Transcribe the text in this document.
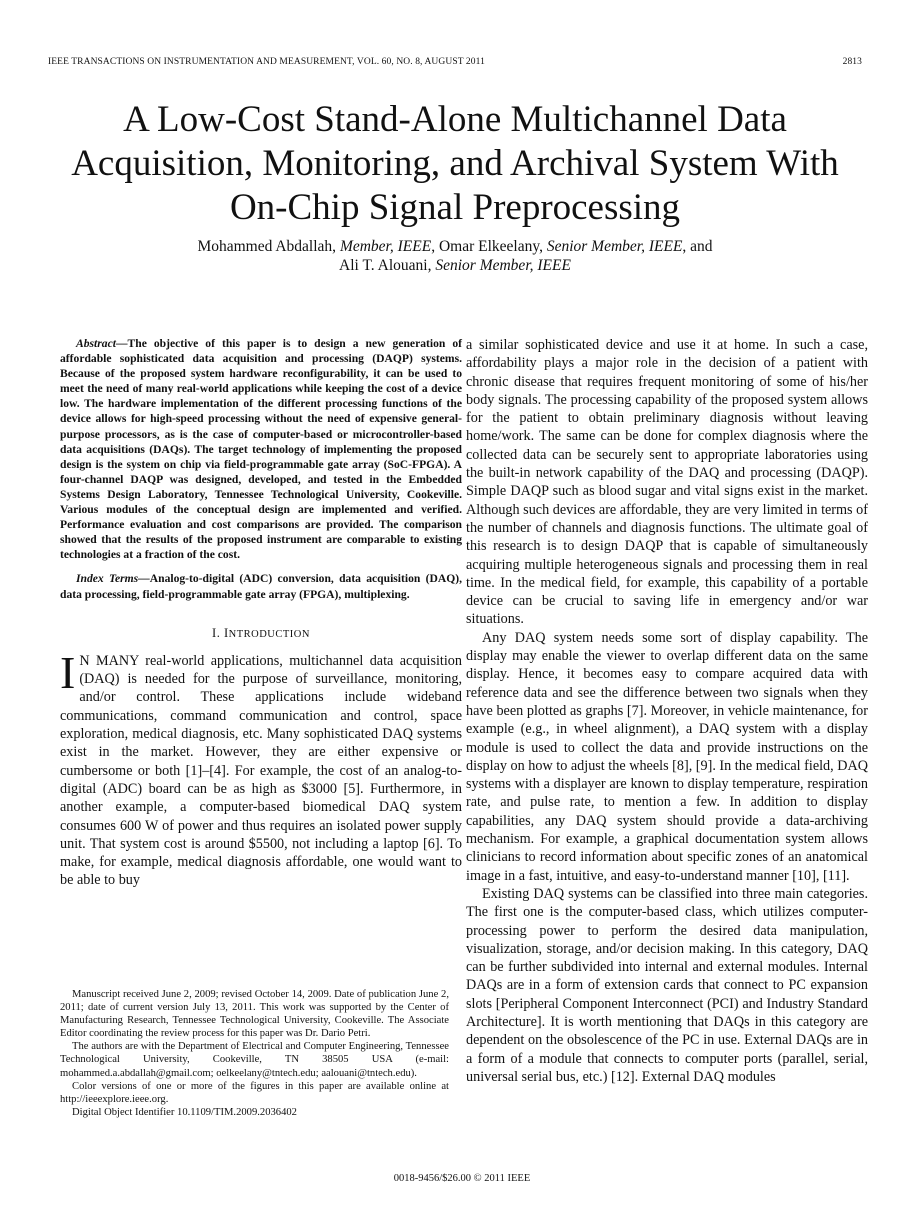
IEEE TRANSACTIONS ON INSTRUMENTATION AND MEASUREMENT, VOL. 60, NO. 8, AUGUST 2011	2813
A Low-Cost Stand-Alone Multichannel Data Acquisition, Monitoring, and Archival System With On-Chip Signal Preprocessing
Mohammed Abdallah, Member, IEEE, Omar Elkeelany, Senior Member, IEEE, and
Ali T. Alouani, Senior Member, IEEE

Abstract—The objective of this paper is to design a new generation of affordable sophisticated data acquisition and processing (DAQP) systems. Because of the proposed system hardware reconfigurability, it can be used to meet the need of many real-world applications while keeping the cost of a device low. The hardware implementation of the different processing functions of the device allows for high-speed processing without the need of expensive general-purpose processors, as is the case of computer-based or microcontroller-based data acquisitions (DAQs). The target technology of implementing the proposed design is the system on chip via field-programmable gate array (SoC-FPGA). A four-channel DAQP was designed, developed, and tested in the Embedded Systems Design Laboratory, Tennessee Technological University, Cookeville. Various modules of the conceptual design are implemented and verified. Performance evaluation and cost comparisons are provided. The comparison showed that the results of the proposed instrument are comparable to existing technologies at a fraction of the cost.

Index Terms—Analog-to-digital (ADC) conversion, data acquisition (DAQ), data processing, field-programmable gate array (FPGA), multiplexing.

I. INTRODUCTION

I N MANY real-world applications, multichannel data acquisition (DAQ) is needed for the purpose of surveillance, monitoring, and/or control. These applications include wideband communications, command communication and control, space exploration, medical diagnosis, etc. Many sophisticated DAQ systems exist in the market. However, they are either expensive or cumbersome or both [1]–[4]. For example, the cost of an analog-to-digital (ADC) board can be as high as $3000 [5]. Furthermore, in another example, a computer-based biomedical DAQ system consumes 600 W of power and thus requires an isolated power supply unit. That system cost is around $5500, not including a laptop [6]. To make, for example, medical diagnosis affordable, one would want to be able to buy

a similar sophisticated device and use it at home. In such a case, affordability plays a major role in the decision of a patient with chronic disease that requires frequent monitoring of some of his/her body signals. The processing capability of the proposed system allows for the patient to obtain preliminary diagnosis without leaving home/work. The same can be done for complex diagnosis where the collected data can be securely sent to appropriate laboratories using the built-in network capability of the DAQ and processing (DAQP). Simple DAQP such as blood sugar and vital signs exist in the market. Although such devices are affordable, they are very limited in terms of the number of channels and diagnosis functions. The ultimate goal of this research is to design DAQP that is capable of simultaneously acquiring multiple heterogeneous signals and processing them in real time. In the medical field, for example, this capability of a portable device can be crucial to saving life in emergency and/or war situations.

Any DAQ system needs some sort of display capability. The display may enable the viewer to overlap different data on the same display. Hence, it becomes easy to compare acquired data with reference data and see the difference between two signals when they have been plotted as graphs [7]. Moreover, in vehicle maintenance, for example (e.g., in wheel alignment), a DAQ system with a display module is used to collect the data and provide instructions on the display on how to adjust the wheels [8], [9]. In the medical field, DAQ systems with a displayer are known to display temperature, respiration rate, and pulse rate, to mention a few. In addition to display capabilities, any DAQ system should provide a data-archiving mechanism. For example, a graphical documentation system allows clinicians to record information about specific zones of an anatomical image in a fast, intuitive, and easy-to-understand manner [10], [11].

Existing DAQ systems can be classified into three main categories. The first one is the computer-based class, which utilizes computer-processing power to perform the desired data manipulation, visualization, storage, and/or decision making. In this category, DAQ can be further subdivided into internal and external modules. Internal DAQs are in a form of extension cards that connect to PC expansion slots [Peripheral Component Interconnect (PCI) and Industry Standard Architecture]. It is worth mentioning that DAQs in this category are dependent on the obsolescence of the PC in use. External DAQs are in a form of a module that connects to computer ports (parallel, serial, universal serial bus, etc.) [12]. External DAQ modules

Manuscript received June 2, 2009; revised October 14, 2009. Date of publication June 2, 2011; date of current version July 13, 2011. This work was supported by the Center of Manufacturing Research, Tennessee Technological University, Cookeville. The Associate Editor coordinating the review process for this paper was Dr. Dario Petri.

The authors are with the Department of Electrical and Computer Engineering, Tennessee Technological University, Cookeville, TN 38505 USA (e-mail: mohammed.a.abdallah@gmail.com; oelkeelany@tntech.edu; aalouani@tntech.edu).

Color versions of one or more of the figures in this paper are available online at http://ieeexplore.ieee.org.

Digital Object Identifier 10.1109/TIM.2009.2036402

0018-9456/$26.00 © 2011 IEEE
